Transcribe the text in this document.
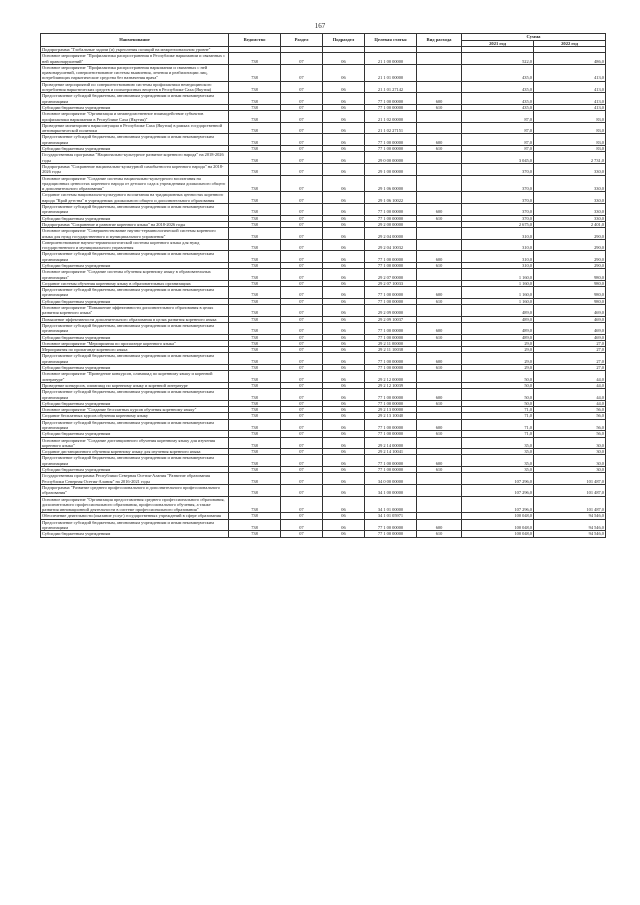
167
Наименование	Ведомство	Раздел	Подраздел	Целевая статья	Вид расхода	Сумма	
						2021 год	2022 год
Подпрограмма "Глобальные задачи (и) укрепления позиций на межрегиональном уровне"							
Основное мероприятие "Профилактика распространения в Республике наркомании и связанных с ней правонарушений"	738	07	06	21 1 00 00000		522,0	486,0
Основное мероприятие "Профилактика распространения наркомании и связанных с ней правонарушений, совершенствование системы выявления, лечения и реабилитации лиц, потребляющих наркотические средства без назначения врача"	738	07	06	21 1 01 00000		435,0	413,0
Проведение мероприятий по совершенствованию системы профилактики немедицинского потребления наркотических средств и психотропных веществ в Республике Саха (Якутия)	738	07	06	21 1 01 27142		435,0	413,0
Предоставление субсидий бюджетным, автономным учреждениям и иным некоммерческим организациям	738	07	06	77 1 00 00000	600	435,0	413,0
Субсидии бюджетным учреждениям	738	07	06	77 1 00 00000	610	435,0	413,0
Основное мероприятие "Организация и межведомственное взаимодействие субъектов профилактики наркомании в Республике Саха (Якутия)"	738	07	06	21 1 02 00000		87,0	83,0
Проведение мониторинга наркоситуации в Республике Саха (Якутия) в рамках государственной антинаркотической политики	738	07	06	21 1 02 27151		87,0	83,0
Предоставление субсидий бюджетным, автономным учреждениям и иным некоммерческим организациям	738	07	06	77 1 00 00000	600	87,0	83,0
Субсидии бюджетным учреждениям	738	07	06	77 1 00 00000	610	87,0	83,0
Государственная программа "Национально-культурное развитие коренного народа" на 2018-2026 годы	738	07	06	29 0 00 00000		3 045,0	2 731,0
Подпрограмма "Сохранение национально-культурной самобытности коренного народа" на 2018-2026 годы	738	07	06	29 1 00 00000		370,0	330,0
Основное мероприятие "Создание системы национально-культурного воспитания на традиционных ценностях коренного народа от детского сада к учреждениям дошкольного общего и дополнительного образования"	738	07	06	29 1 06 00000		370,0	330,0
Создание системы национально-культурного воспитания на традиционных ценностях коренного народа "Край детства" в учреждениях дошкольного общего и дополнительного образования	738	07	06	29 1 06 10022		370,0	330,0
Предоставление субсидий бюджетным, автономным учреждениям и иным некоммерческим организациям	738	07	06	77 1 00 00000	600	370,0	330,0
Субсидии бюджетным учреждениям	738	07	06	77 1 00 00000	610	370,0	330,0
Подпрограмма "Сохранение и развитие коренного языка" на 2018-2026 годы	738	07	06	29 2 00 00000		2 675,0	2 401,0
Основное мероприятие "Совершенствование научно-терминологической системы коренного языка для нужд государственного и муниципального управления"	738	07	06	29 2 04 00000		310,0	290,0
Совершенствование научно-терминологической системы коренного языка для нужд государственного и муниципального управления	738	07	06	29 2 04 10032		310,0	290,0
Предоставление субсидий бюджетным, автономным учреждениям и иным некоммерческим организациям	738	07	06	77 1 00 00000	600	310,0	290,0
Субсидии бюджетным учреждениям	738	07	06	77 1 00 00000	610	310,0	290,0
Основное мероприятие "Создание системы обучения коренному языку в образовательных организациях"	738	07	06	29 2 07 00000		1 160,0	980,0
Создание системы обучения коренному языку в образовательных организациях	738	07	06	29 2 07 10033		1 160,0	980,0
Предоставление субсидий бюджетным, автономным учреждениям и иным некоммерческим организациям	738	07	06	77 1 00 00000	600	1 160,0	980,0
Субсидии бюджетным учреждениям	738	07	06	77 1 00 00000	610	1 160,0	980,0
Основное мероприятие "Повышение эффективности дополнительного образования в целях развития коренного языка"	738	07	06	29 2 09 00000		489,0	469,0
Повышение эффективности дополнительного образования в целях развития коренного языка	738	07	06	29 2 09 10037		489,0	469,0
Предоставление субсидий бюджетным, автономным учреждениям и иным некоммерческим организациям	738	07	06	77 1 00 00000	600	489,0	469,0
Субсидии бюджетным учреждениям	738	07	06	77 1 00 00000	610	489,0	469,0
Основное мероприятие "Мероприятия по пропаганде коренного языка"	738	07	06	29 2 11 00000		29,0	27,0
Мероприятия по пропаганде коренного языка	738	07	06	29 2 11 10038		29,0	27,0
Предоставление субсидий бюджетным, автономным учреждениям и иным некоммерческим организациям	738	07	06	77 1 00 00000	600	29,0	27,0
Субсидии бюджетным учреждениям	738	07	06	77 1 00 00000	610	29,0	27,0
Основное мероприятие "Проведение конкурсов, олимпиад по коренному языку и коренной литературе"	738	07	06	29 2 12 00000		50,0	44,0
Проведение конкурсов, олимпиад по коренному языку и коренной литературе	738	07	06	29 2 12 10039		50,0	44,0
Предоставление субсидий бюджетным, автономным учреждениям и иным некоммерческим организациям	738	07	06	77 1 00 00000	600	50,0	44,0
Субсидии бюджетным учреждениям	738	07	06	77 1 00 00000	610	50,0	44,0
Основное мероприятие "Создание бесплатных курсов обучения коренному языку"	738	07	06	29 2 13 00000		71,0	56,0
Создание бесплатных курсов обучения коренному языку	738	07	06	29 2 13 10040		71,0	56,0
Предоставление субсидий бюджетным, автономным учреждениям и иным некоммерческим организациям	738	07	06	77 1 00 00000	600	71,0	56,0
Субсидии бюджетным учреждениям	738	07	06	77 1 00 00000	610	71,0	56,0
Основное мероприятие "Создание дистанционного обучения коренному языку для изучения коренного языка"	738	07	06	29 2 14 00000		35,0	30,0
Создание дистанционного обучения коренному языку для изучения коренного языка	738	07	06	29 2 14 10041		35,0	30,0
Предоставление субсидий бюджетным, автономным учреждениям и иным некоммерческим организациям	738	07	06	77 1 00 00000	600	35,0	30,0
Субсидии бюджетным учреждениям	738	07	06	77 1 00 00000	610	35,0	30,0
Государственная программа Республики Северная Осетия-Алания "Развитие образования Республики Северная Осетия-Алания" на 2016-2021 годы	738	07	06	34 0 00 00000		107 296,0	101 487,0
Подпрограмма "Развитие среднего профессионального и дополнительного профессионального образования"	738	07	06	34 1 00 00000		107 296,0	101 487,0
Основное мероприятие "Организация предоставления среднего профессионального образования, дополнительного профессионального образования, профессионального обучения, а также развития инновационной деятельности в системе профессионального образования"	738	07	06	34 1 01 00000		107 296,0	101 487,0
Обеспечение деятельности (оказание услуг) государственных учреждений в сфере образования	738	07	06	34 1 01 05971		100 048,0	94 546,0
Предоставление субсидий бюджетным, автономным учреждениям и иным некоммерческим организациям	738	07	06	77 1 00 00000	600	100 048,0	94 546,0
Субсидии бюджетным учреждениям	738	07	06	77 1 00 00000	610	100 048,0	94 546,0
